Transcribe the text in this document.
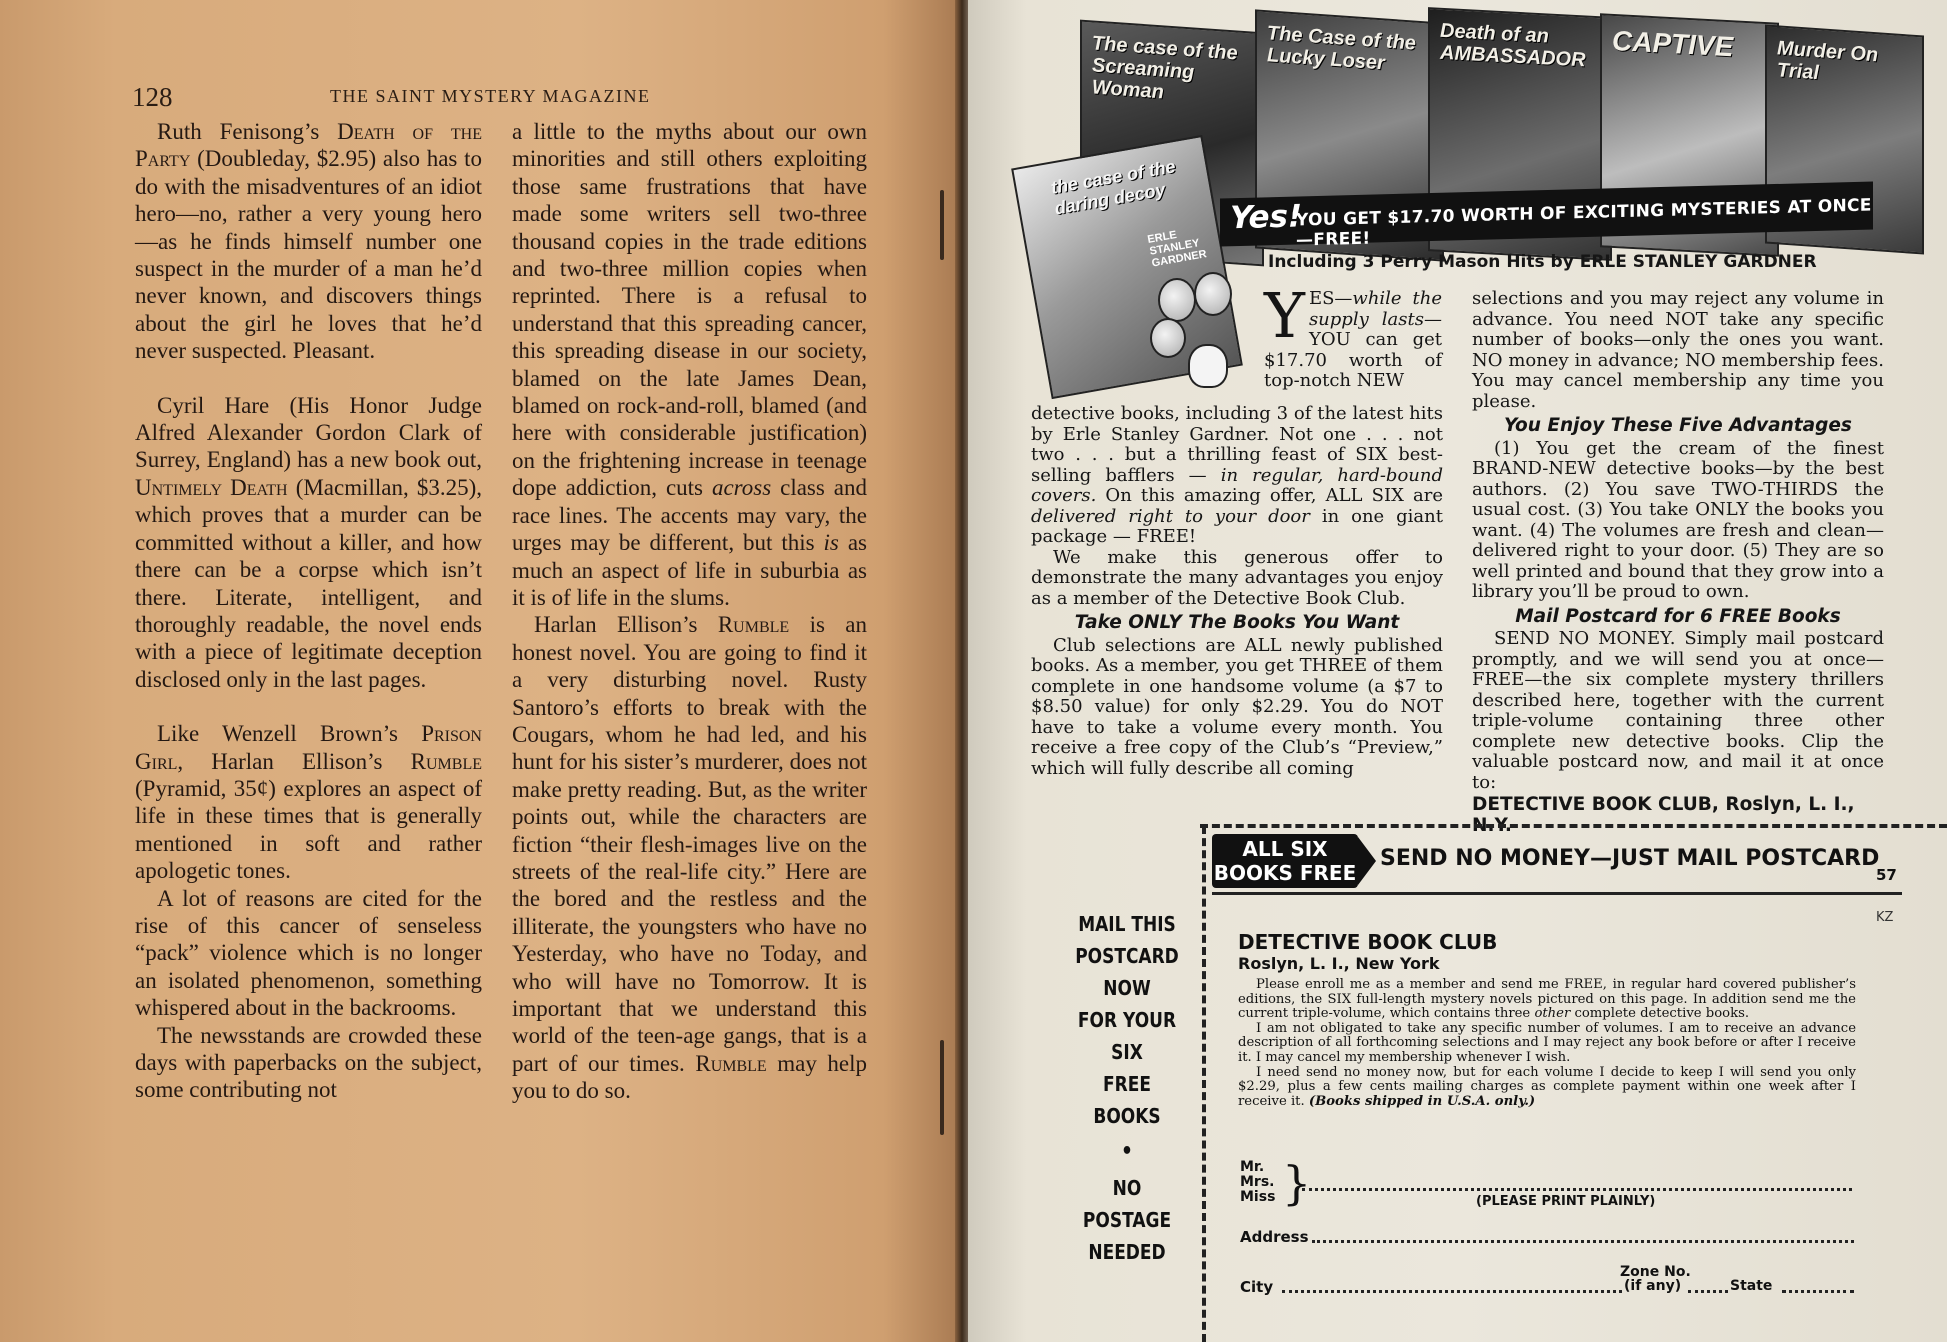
128	THE SAINT MYSTERY MAGAZINE

Ruth Fenisong’s Death of the Party (Doubleday, $2.95) also has to do with the misadventures of an idiot hero—no, rather a very young hero—as he finds himself number one suspect in the murder of a man he’d never known, and discovers things about the girl he loves that he’d never suspected. Pleasant.

Cyril Hare (His Honor Judge Alfred Alexander Gordon Clark of Surrey, England) has a new book out, Untimely Death (Macmillan, $3.25), which proves that a murder can be committed without a killer, and how there can be a corpse which isn’t there. Literate, intelligent, and thoroughly readable, the novel ends with a piece of legitimate deception disclosed only in the last pages.

Like Wenzell Brown’s Prison Girl, Harlan Ellison’s Rumble (Pyramid, 35¢) explores an aspect of life in these times that is generally mentioned in soft and rather apologetic tones.

A lot of reasons are cited for the rise of this cancer of senseless “pack” violence which is no longer an isolated phenomenon, something whispered about in the backrooms.

The newsstands are crowded these days with paperbacks on the subject, some contributing not

a little to the myths about our own minorities and still others exploiting those same frustrations that have made some writers sell two-three thousand copies in the trade editions and two-three million copies when reprinted. There is a refusal to understand that this spreading cancer, this spreading disease in our society, blamed on the late James Dean, blamed on rock-and-roll, blamed (and here with considerable justification) on the frightening increase in teenage dope addiction, cuts across class and race lines. The accents may vary, the urges may be different, but this is as much an aspect of life in suburbia as it is of life in the slums.

Harlan Ellison’s Rumble is an honest novel. You are going to find it a very disturbing novel. Rusty Santoro’s efforts to break with the Cougars, whom he had led, and his hunt for his sister’s murderer, does not make pretty reading. But, as the writer points out, while the characters are fiction “their flesh-images live on the streets of the real-life city.” Here are the bored and the restless and the illiterate, the youngsters who have no Yesterday, who have no Today, and who will have no Tomorrow. It is important that we understand this world of the teen-age gangs, that is a part of our times. Rumble may help you to do so.

The case of the Screaming Woman
The Case of the Lucky Loser
Death of an AMBASSADOR CAPTIVE	Murder On Trial
the case of the daring decoy
ERLE STANLEY GARDNER
Yes!
YOU GET $17.70 WORTH OF EXCITING MYSTERIES AT ONCE—FREE!
Including 3 Perry Mason Hits by ERLE STANLEY GARDNER

YES—while the supply lasts— YOU can get $17.70 worth of top-notch NEW

detective books, including 3 of the latest hits by Erle Stanley Gardner. Not one . . . not two . . . but a thrilling feast of SIX best-selling bafflers — in regular, hard-bound covers. On this amazing offer, ALL SIX are delivered right to your door in one giant package — FREE!

We make this generous offer to demonstrate the many advantages you enjoy as a member of the Detective Book Club.

Take ONLY The Books You Want

Club selections are ALL newly published books. As a member, you get THREE of them complete in one handsome volume (a $7 to $8.50 value) for only $2.29. You do NOT have to take a volume every month. You receive a free copy of the Club’s “Preview,” which will fully describe all coming

selections and you may reject any volume in advance. You need NOT take any specific number of books—only the ones you want. NO money in advance; NO membership fees. You may cancel membership any time you please.

You Enjoy These Five Advantages

(1) You get the cream of the finest BRAND-NEW detective books—by the best authors. (2) You save TWO-THIRDS the usual cost. (3) You take ONLY the books you want. (4) The volumes are fresh and clean—delivered right to your door. (5) They are so well printed and bound that they grow into a library you’ll be proud to own.

Mail Postcard for 6 FREE Books

SEND NO MONEY. Simply mail postcard promptly, and we will send you at once—FREE—the six complete mystery thrillers described here, together with the current triple-volume containing three other complete new detective books. Clip the valuable postcard now, and mail it at once to:

DETECTIVE BOOK CLUB, Roslyn, L. I., N.Y.

MAIL THIS
POSTCARD
NOW
FOR YOUR
SIX
FREE BOOKS
•
NO POSTAGE
NEEDED
ALL SIX
BOOKS FREE
SEND NO MONEY—JUST MAIL POSTCARD
57
KZ
DETECTIVE BOOK CLUB
Roslyn, L. I., New York

Please enroll me as a member and send me FREE, in regular hard covered publisher’s editions, the SIX full-length mystery novels pictured on this page. In addition send me the current triple-volume, which contains three other complete detective books.

I am not obligated to take any specific number of volumes. I am to receive an advance description of all forthcoming selections and I may reject any book before or after I receive it. I may cancel my membership whenever I wish.

I need send no money now, but for each volume I decide to keep I will send you only $2.29, plus a few cents mailing charges as complete payment within one week after I receive it. (Books shipped in U.S.A. only.)

Mr.
Mrs.
Miss }	(PLEASE PRINT PLAINLY)
Address
Zone No.
City	(if any)	State
